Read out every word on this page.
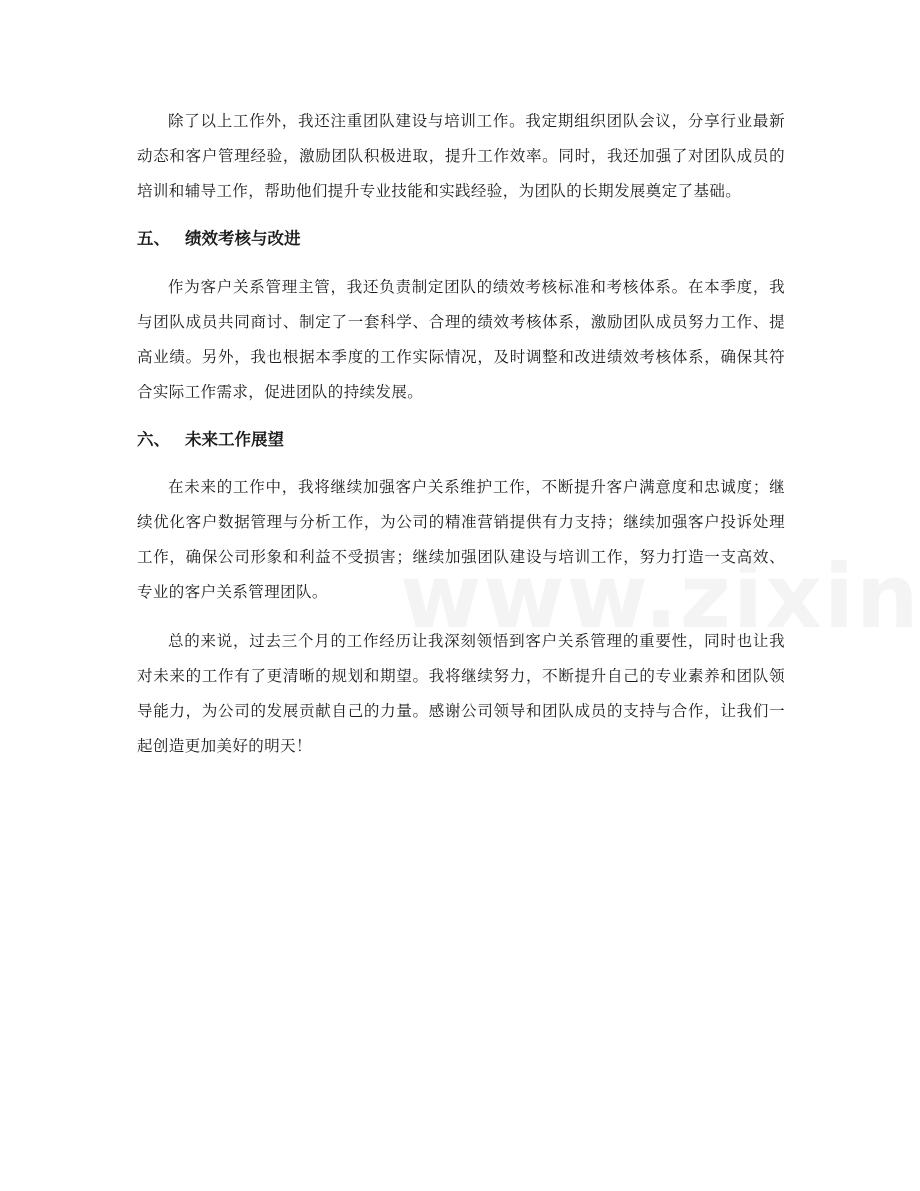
除了以上工作外，我还注重团队建设与培训工作。我定期组织团队会议，分享行业最新动态和客户管理经验，激励团队积极进取，提升工作效率。同时，我还加强了对团队成员的培训和辅导工作，帮助他们提升专业技能和实践经验，为团队的长期发展奠定了基础。

五、 绩效考核与改进

作为客户关系管理主管，我还负责制定团队的绩效考核标准和考核体系。在本季度，我与团队成员共同商讨、制定了一套科学、合理的绩效考核体系，激励团队成员努力工作、提高业绩。另外，我也根据本季度的工作实际情况，及时调整和改进绩效考核体系，确保其符合实际工作需求，促进团队的持续发展。

六、 未来工作展望

在未来的工作中，我将继续加强客户关系维护工作，不断提升客户满意度和忠诚度；继续优化客户数据管理与分析工作，为公司的精准营销提供有力支持；继续加强客户投诉处理工作，确保公司形象和利益不受损害；继续加强团队建设与培训工作，努力打造一支高效、专业的客户关系管理团队。

总的来说，过去三个月的工作经历让我深刻领悟到客户关系管理的重要性，同时也让我对未来的工作有了更清晰的规划和期望。我将继续努力，不断提升自己的专业素养和团队领导能力，为公司的发展贡献自己的力量。感谢公司领导和团队成员的支持与合作，让我们一起创造更加美好的明天！
